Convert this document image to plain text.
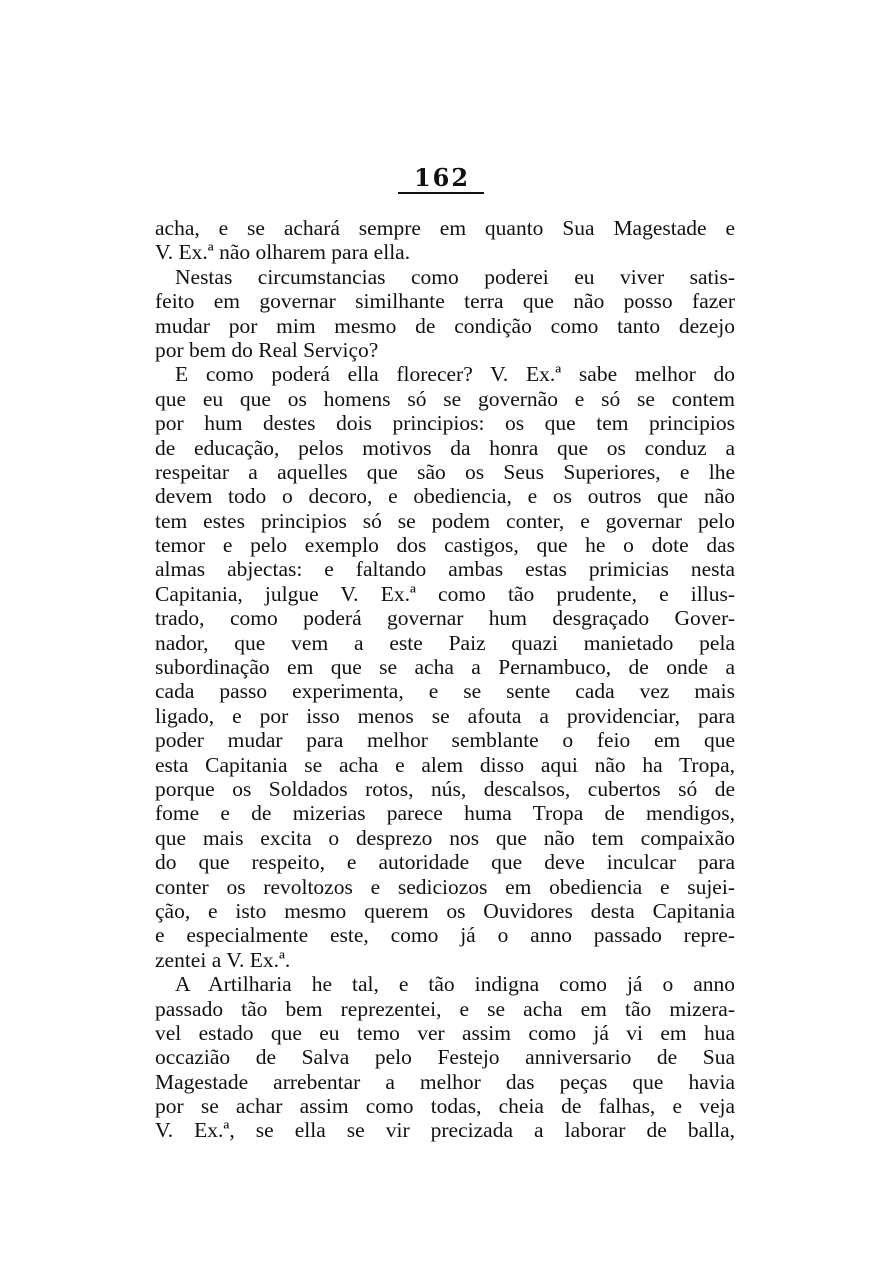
162
acha, e se achará sempre em quanto Sua Magestade e
V. Ex.ª não olharem para ella.
Nestas circumstancias como poderei eu viver satis-
feito em governar similhante terra que não posso fazer
mudar por mim mesmo de condição como tanto dezejo
por bem do Real Serviço?
E como poderá ella florecer? V. Ex.ª sabe melhor do
que eu que os homens só se governão e só se contem
por hum destes dois principios: os que tem principios
de educação, pelos motivos da honra que os conduz a
respeitar a aquelles que são os Seus Superiores, e lhe
devem todo o decoro, e obediencia, e os outros que não
tem estes principios só se podem conter, e governar pelo
temor e pelo exemplo dos castigos, que he o dote das
almas abjectas: e faltando ambas estas primicias nesta
Capitania, julgue V. Ex.ª como tão prudente, e illus-
trado, como poderá governar hum desgraçado Gover-
nador, que vem a este Paiz quazi manietado pela
subordinação em que se acha a Pernambuco, de onde a
cada passo experimenta, e se sente cada vez mais
ligado, e por isso menos se afouta a providenciar, para
poder mudar para melhor semblante o feio em que
esta Capitania se acha e alem disso aqui não ha Tropa,
porque os Soldados rotos, nús, descalsos, cubertos só de
fome e de mizerias parece huma Tropa de mendigos,
que mais excita o desprezo nos que não tem compaixão
do que respeito, e autoridade que deve inculcar para
conter os revoltozos e sediciozos em obediencia e sujei-
ção, e isto mesmo querem os Ouvidores desta Capitania
e especialmente este, como já o anno passado repre-
zentei a V. Ex.ª.
A Artilharia he tal, e tão indigna como já o anno
passado tão bem reprezentei, e se acha em tão mizera-
vel estado que eu temo ver assim como já vi em hua
occazião de Salva pelo Festejo anniversario de Sua
Magestade arrebentar a melhor das peças que havia
por se achar assim como todas, cheia de falhas, e veja
V. Ex.ª, se ella se vir precizada a laborar de balla,
